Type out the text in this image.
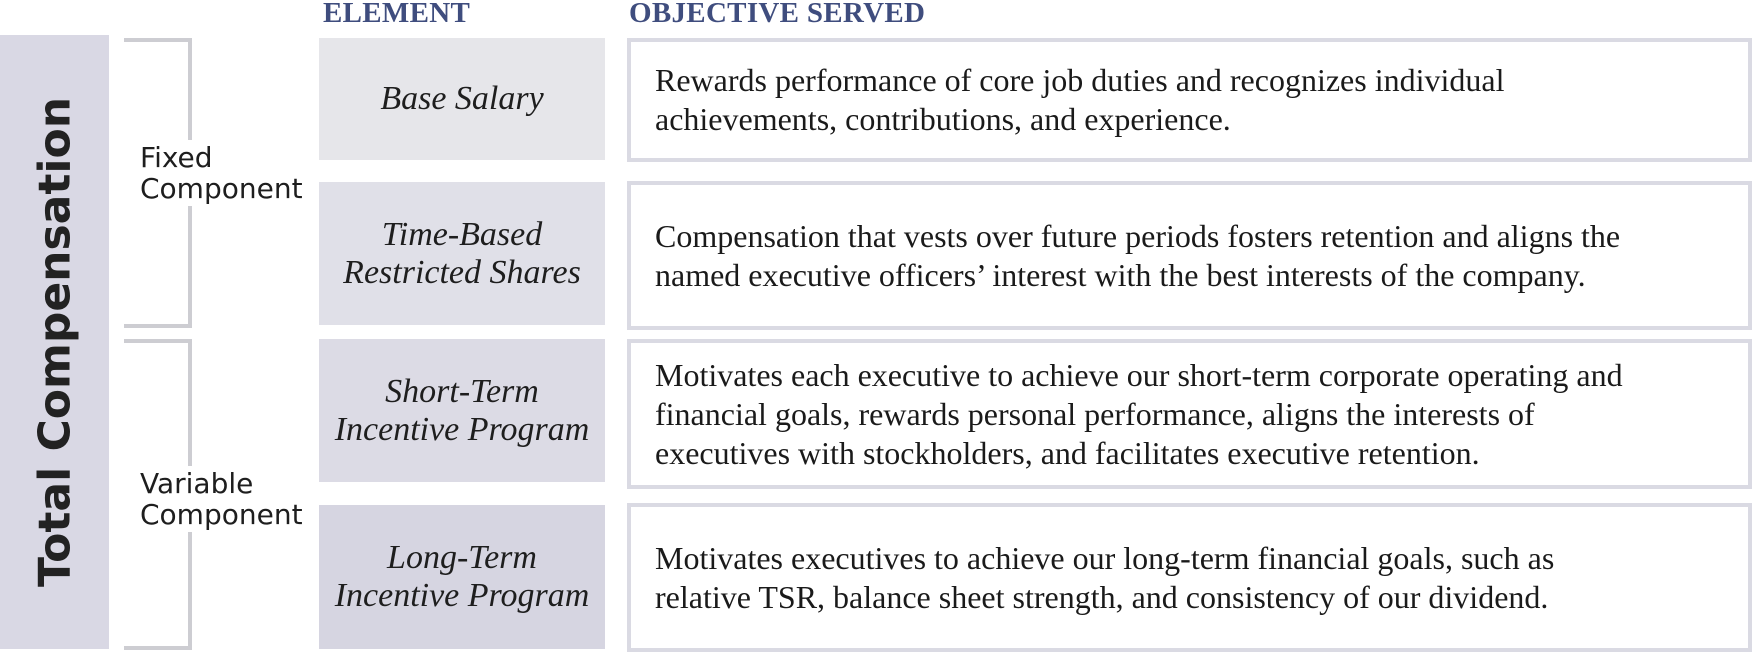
ELEMENT	OBJECTIVE SERVED
Total Compensation Fixed
Component
Variable
Component
Base Salary	Rewards performance of core job duties and recognizes individual
achievements, contributions, and experience.
Time-Based
Restricted Shares
Compensation that vests over future periods fosters retention and aligns the
named executive officers’ interest with the best interests of the company.
Short-Term
Incentive Program
Motivates each executive to achieve our short-term corporate operating and
financial goals, rewards personal performance, aligns the interests of
executives with stockholders, and facilitates executive retention.
Long-Term
Incentive Program
Motivates executives to achieve our long-term financial goals, such as
relative TSR, balance sheet strength, and consistency of our dividend.
